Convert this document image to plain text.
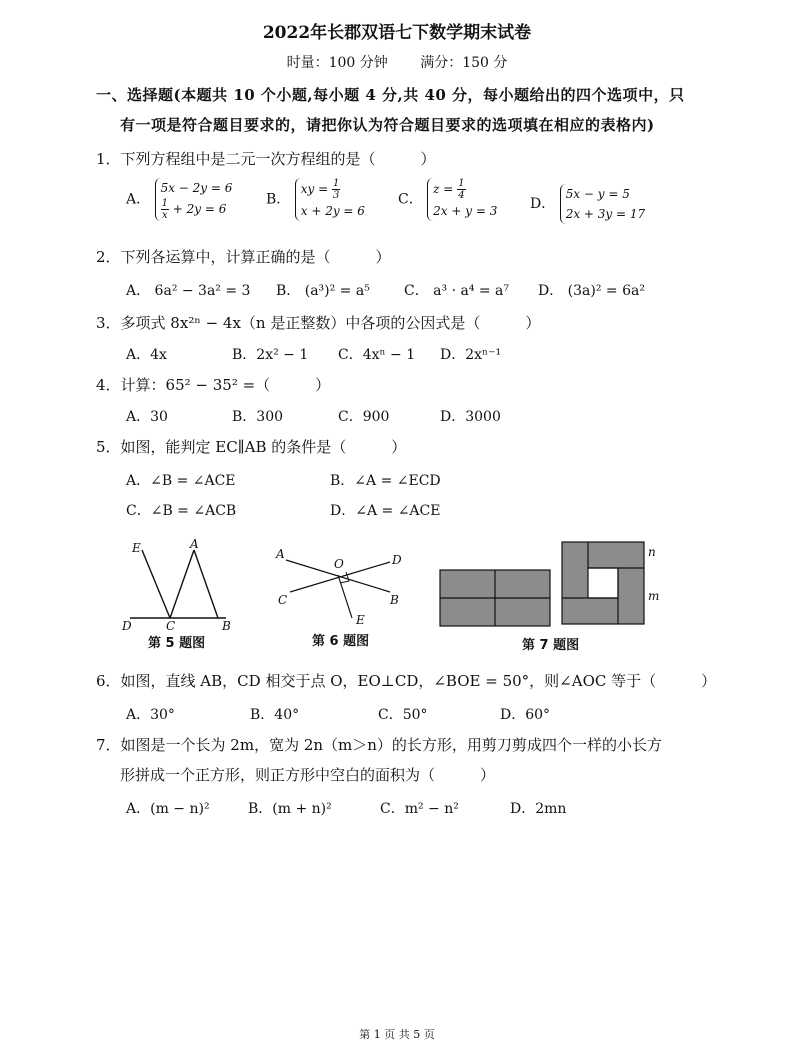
2022年长郡双语七下数学期末试卷
时量：100 分钟 满分：150 分
一、选择题(本题共 10 个小题,每小题 4 分,共 40 分，每小题给出的四个选项中，只
有一项是符合题目要求的，请把你认为符合题目要求的选项填在相应的表格内)
1．下列方程组中是二元一次方程组的是（　　　）
A．
5x − 2y = 6
$\frac{1}{x} + 2y = 6$
B．
xy = $\frac{1}{3}$
x + 2y = 6
C．
$z = \frac{1}{4}$
2x + y = 3 D．
5x − y = 5
2x + 3y = 17
2．下列各运算中，计算正确的是（　　　）
A． 6a² − 3a² = 3 B． (a³)² = a⁵ C． a³ · a⁴ = a⁷ D． (3a)² = 6a²
3．多项式 8x²ⁿ − 4x（n 是正整数）中各项的公因式是（　　　）
A．4x	B．2x² − 1 C．4xⁿ − 1 D．2xⁿ⁻¹
4．计算：65² − 35² =（　　　）
A．30	B．300	C．900	D．3000
5．如图，能判定 EC∥AB 的条件是（　　　）
A．∠B = ∠ACE	B．∠A = ∠ECD
C．∠B = ∠ACB	D．∠A = ∠ACE
E	A
D	C	B
第 5 题图
A
O	D
C
E
B
第 6 题图
n
m
第 7 题图
6．如图，直线 AB，CD 相交于点 O，EO⊥CD，∠BOE = 50°，则∠AOC 等于（　　　）
A．30°	B．40°	C．50°	D．60°
7．如图是一个长为 2m，宽为 2n（m＞n）的长方形，用剪刀剪成四个一样的小长方
形拼成一个正方形，则正方形中空白的面积为（　　　）
A．(m − n)²	B．(m + n)²	C．m² − n²	D．2mn
第 1 页 共 5 页
